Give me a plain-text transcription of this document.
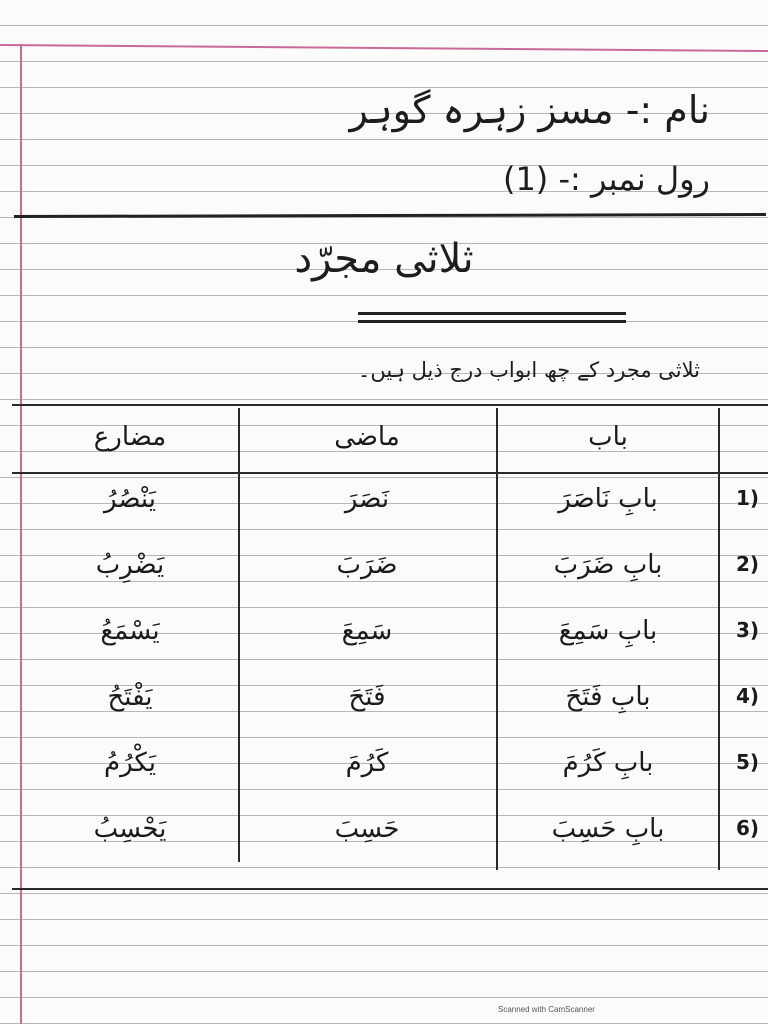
نام :- مسز زہرہ گوہر
رول نمبر :- (1)
ثلاثی مجرّد
ثلاثی مجرد کے چھ ابواب درج ذیل ہیں۔
باب
ماضی
مضارع
1)
بابِ نَاصَرَ
نَصَرَ
یَنْصُرُ
2)
بابِ ضَرَبَ
ضَرَبَ
یَضْرِبُ
3)
بابِ سَمِعَ
سَمِعَ
یَسْمَعُ
4)
بابِ فَتَحَ
فَتَحَ
یَفْتَحُ
5)
بابِ کَرُمَ
کَرُمَ
یَکْرُمُ
6)
بابِ حَسِبَ
حَسِبَ
یَحْسِبُ
Scanned with CamScanner
